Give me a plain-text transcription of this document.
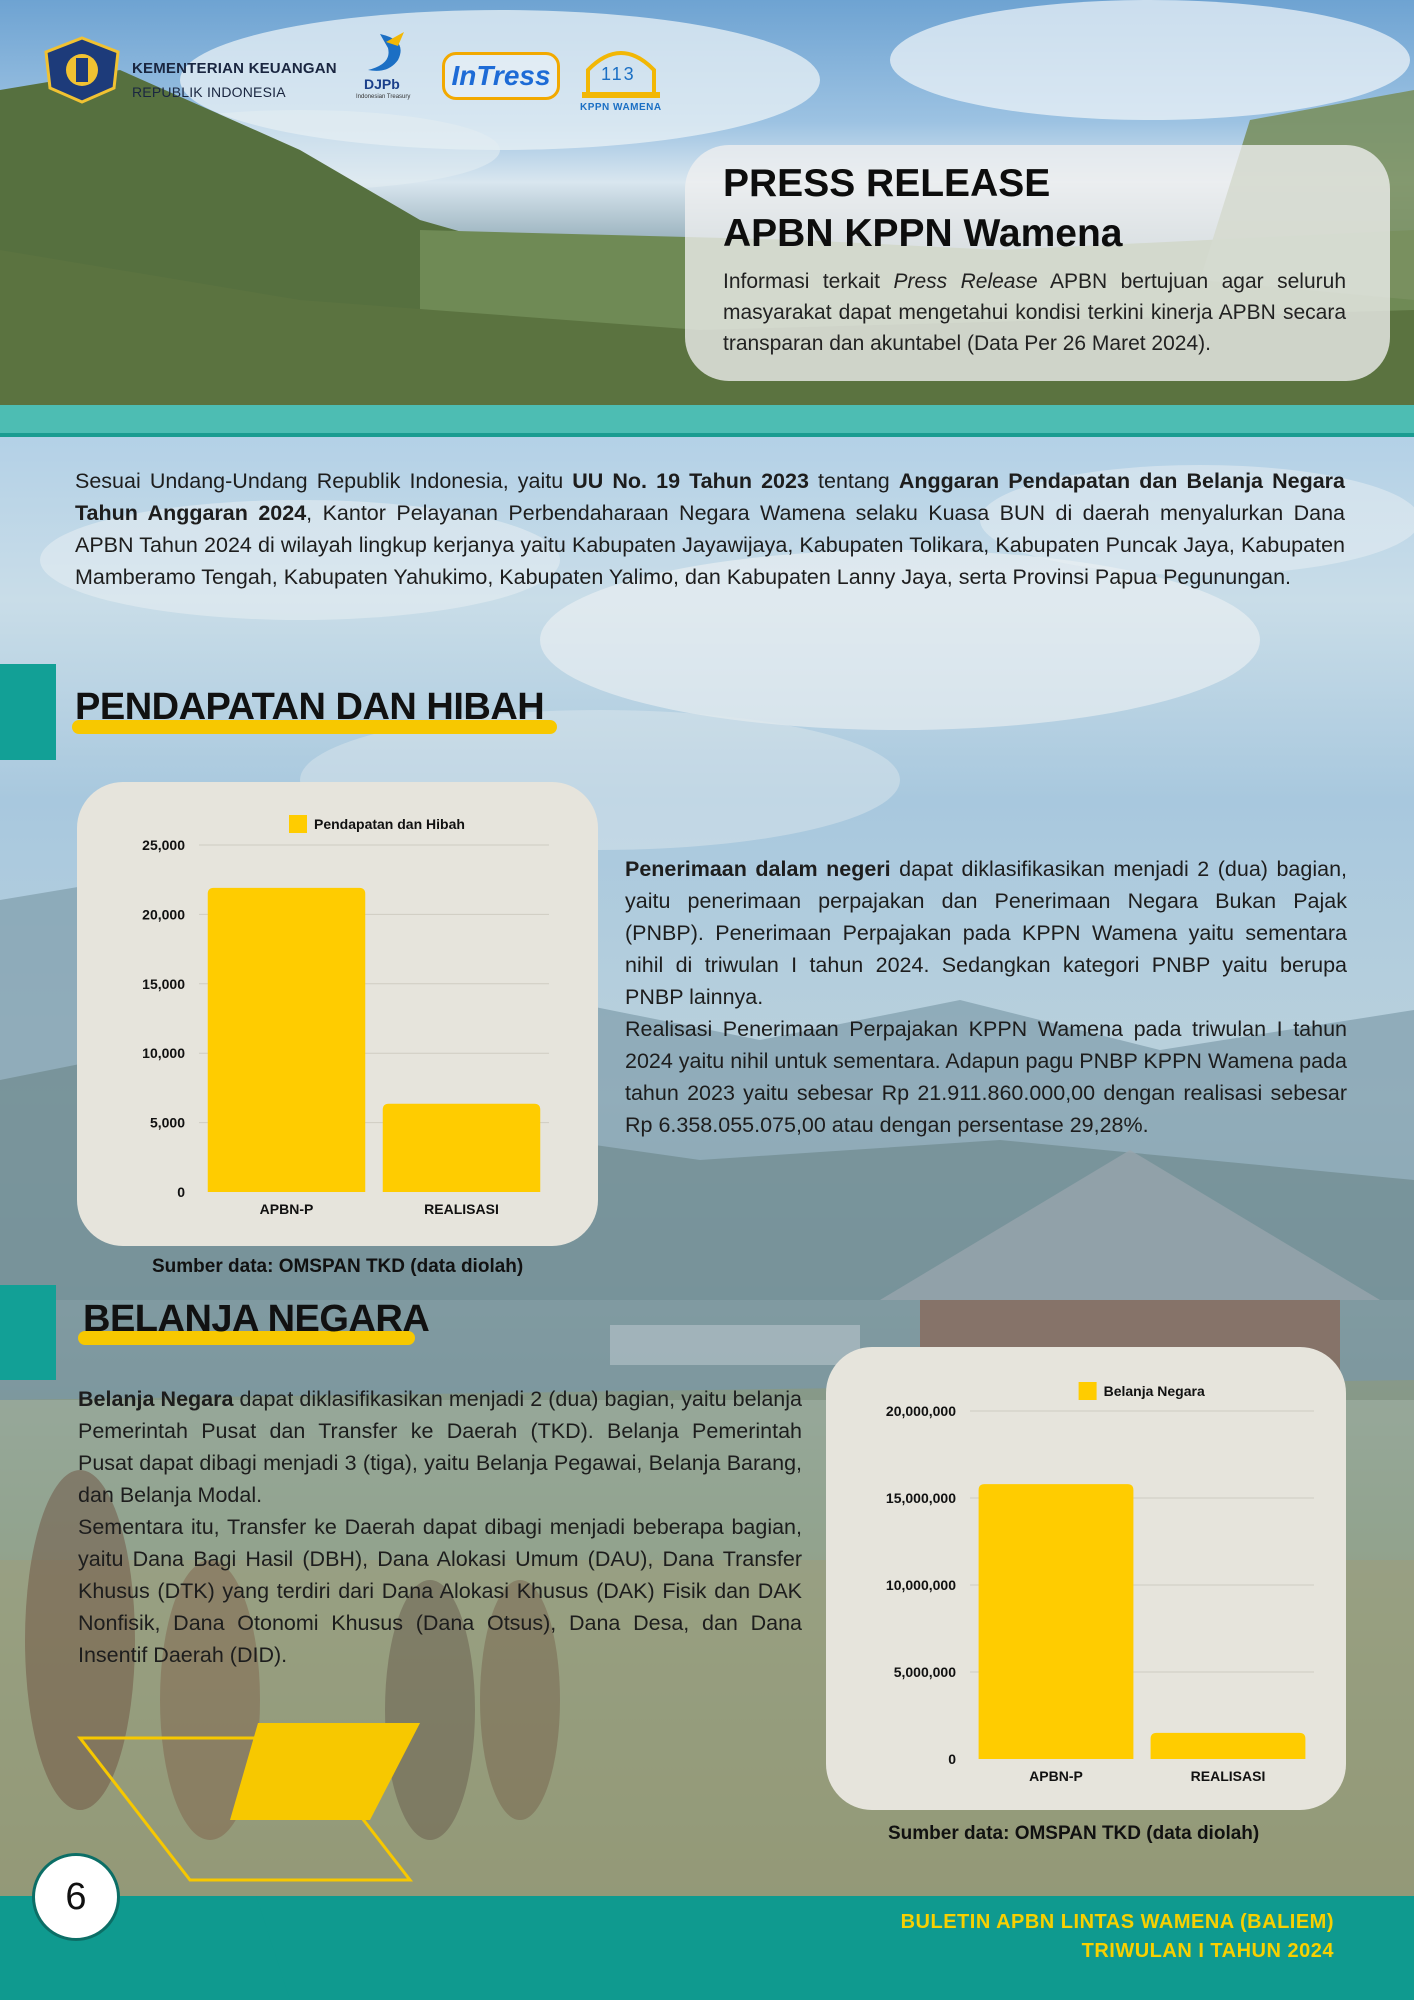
KEMENTERIAN KEUANGAN
REPUBLIK INDONESIA	DJPb
Indonesian Treasury
InTress	113
KPPN WAMENA
PRESS RELEASE
APBN KPPN Wamena
Informasi terkait Press Release APBN bertujuan agar seluruh masyarakat dapat mengetahui kondisi terkini kinerja APBN secara transparan dan akuntabel (Data Per 26 Maret 2024).
Sesuai Undang-Undang Republik Indonesia, yaitu UU No. 19 Tahun 2023 tentang Anggaran Pendapatan dan Belanja Negara Tahun Anggaran 2024, Kantor Pelayanan Perbendaharaan Negara Wamena selaku Kuasa BUN di daerah menyalurkan Dana APBN Tahun 2024 di wilayah lingkup kerjanya yaitu Kabupaten Jayawijaya, Kabupaten Tolikara, Kabupaten Puncak Jaya, Kabupaten Mamberamo Tengah, Kabupaten Yahukimo, Kabupaten Yalimo, dan Kabupaten Lanny Jaya, serta Provinsi Papua Pegunungan.
PENDAPATAN DAN HIBAH
Pendapatan dan Hibah
0
5,000
10,000
15,000
20,000
25,000
APBN-P	REALISASI
Sumber data: OMSPAN TKD (data diolah)
Penerimaan dalam negeri dapat diklasifikasikan menjadi 2 (dua) bagian, yaitu penerimaan perpajakan dan Penerimaan Negara Bukan Pajak (PNBP). Penerimaan Perpajakan pada KPPN Wamena yaitu sementara nihil di triwulan I tahun 2024. Sedangkan kategori PNBP yaitu berupa PNBP lainnya.
Realisasi Penerimaan Perpajakan KPPN Wamena pada triwulan I tahun 2024 yaitu nihil untuk sementara. Adapun pagu PNBP KPPN Wamena pada tahun 2023 yaitu sebesar Rp 21.911.860.000,00 dengan realisasi sebesar Rp 6.358.055.075,00 atau dengan persentase 29,28%.
BELANJA NEGARA
Belanja Negara dapat diklasifikasikan menjadi 2 (dua) bagian, yaitu belanja Pemerintah Pusat dan Transfer ke Daerah (TKD). Belanja Pemerintah Pusat dapat dibagi menjadi 3 (tiga), yaitu Belanja Pegawai, Belanja Barang, dan Belanja Modal.
Sementara itu, Transfer ke Daerah dapat dibagi menjadi beberapa bagian, yaitu Dana Bagi Hasil (DBH), Dana Alokasi Umum (DAU), Dana Transfer Khusus (DTK) yang terdiri dari Dana Alokasi Khusus (DAK) Fisik dan DAK Nonfisik, Dana Otonomi Khusus (Dana Otsus), Dana Desa, dan Dana Insentif Daerah (DID).
Belanja Negara
0
5,000,000
10,000,000
15,000,000
20,000,000
APBN-P	REALISASI
Sumber data: OMSPAN TKD (data diolah)
6
BULETIN APBN LINTAS WAMENA (BALIEM)
TRIWULAN I TAHUN 2024
